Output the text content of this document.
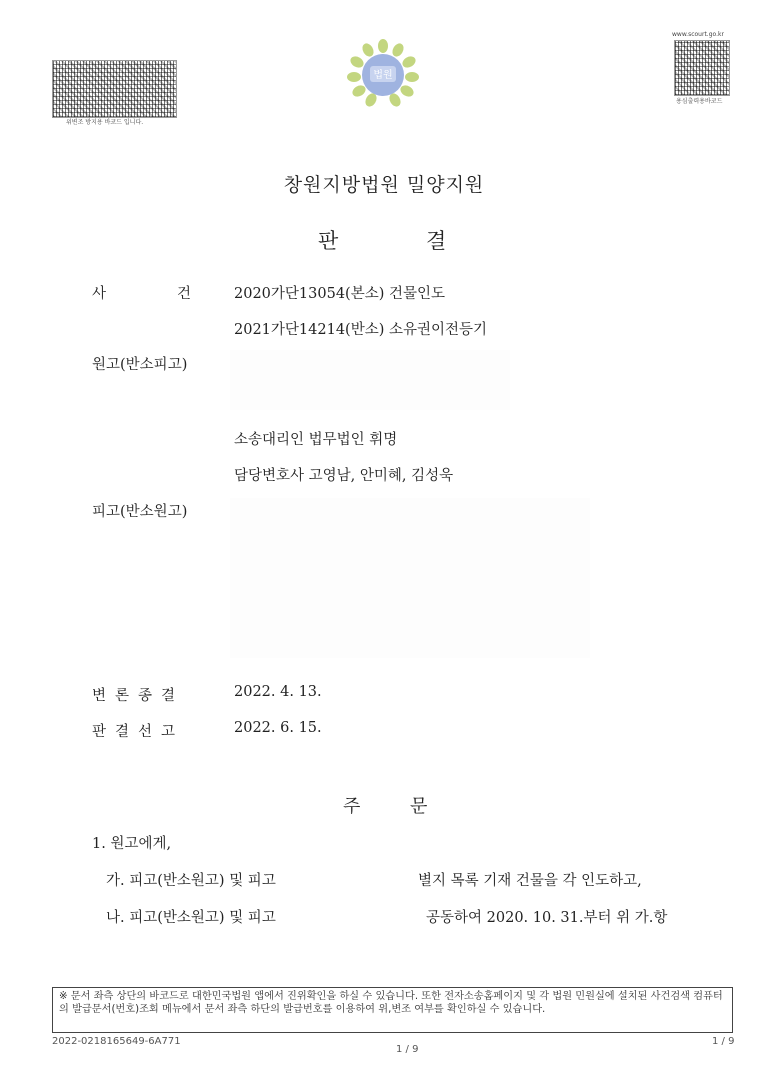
위변조 방지용 바코드 입니다.
www.scourt.go.kr
용심출력용바코드
법원
창원지방법원 밀양지원
판	결
사　　건 2020가단13054(본소) 건물인도
2021가단14214(반소) 소유권이전등기
원고(반소피고)
소송대리인 법무법인 휘명
담당변호사 고영남, 안미혜, 김성욱
피고(반소원고)
변론종결	2022. 4. 13.
판결선고	2022. 6. 15.
주	문
1. 원고에게,
가. 피고(반소원고) 및 피고	별지 목록 기재 건물을 각 인도하고,
나. 피고(반소원고) 및 피고	공동하여 2020. 10. 31.부터 위 가.항
※ 문서 좌측 상단의 바코드로 대한민국법원 앱에서 진위확인을 하실 수 있습니다. 또한 전자소송홈페이지 및 각 법원 민원실에 설치된 사건검색 컴퓨터의 발급문서(번호)조회 메뉴에서 문서 좌측 하단의 발급번호를 이용하여 위,변조 여부를 확인하실 수 있습니다.
2022-0218165649-6A771
1 / 9
1 / 9
